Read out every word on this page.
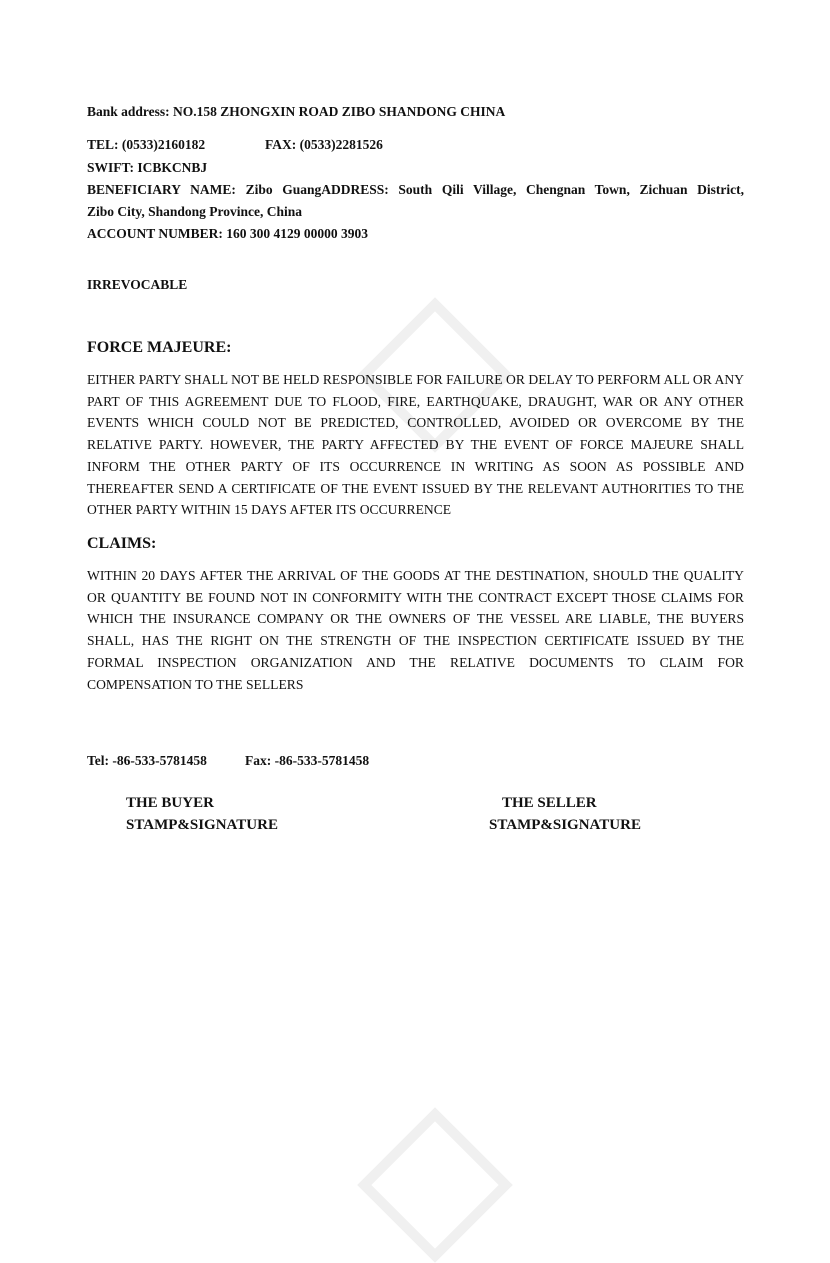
Bank address: NO.158 ZHONGXIN ROAD ZIBO SHANDONG CHINA
TEL: (0533)2160182	FAX: (0533)2281526
SWIFT: ICBKCNBJ
BENEFICIARY NAME: Zibo GuangADDRESS: South Qili Village, Chengnan Town, Zichuan District,
Zibo City, Shandong Province, China
ACCOUNT NUMBER: 160 300 4129 00000 3903
IRREVOCABLE
FORCE MAJEURE:
EITHER PARTY SHALL NOT BE HELD RESPONSIBLE FOR FAILURE OR DELAY TO PERFORM ALL OR ANY PART OF THIS AGREEMENT DUE TO FLOOD, FIRE, EARTHQUAKE, DRAUGHT, WAR OR ANY OTHER EVENTS WHICH COULD NOT BE PREDICTED, CONTROLLED, AVOIDED OR OVERCOME BY THE RELATIVE PARTY. HOWEVER, THE PARTY AFFECTED BY THE EVENT OF FORCE MAJEURE SHALL INFORM THE OTHER PARTY OF ITS OCCURRENCE IN WRITING AS SOON AS POSSIBLE AND THEREAFTER SEND A CERTIFICATE OF THE EVENT ISSUED BY THE RELEVANT AUTHORITIES TO THE OTHER PARTY WITHIN 15 DAYS AFTER ITS OCCURRENCE
CLAIMS:
WITHIN 20 DAYS AFTER THE ARRIVAL OF THE GOODS AT THE DESTINATION, SHOULD THE QUALITY OR QUANTITY BE FOUND NOT IN CONFORMITY WITH THE CONTRACT EXCEPT THOSE CLAIMS FOR WHICH THE INSURANCE COMPANY OR THE OWNERS OF THE VESSEL ARE LIABLE, THE BUYERS SHALL, HAS THE RIGHT ON THE STRENGTH OF THE INSPECTION CERTIFICATE ISSUED BY THE FORMAL INSPECTION ORGANIZATION AND THE RELATIVE DOCUMENTS TO CLAIM FOR COMPENSATION TO THE SELLERS
Tel: -86-533-5781458	Fax: -86-533-5781458
THE BUYER
STAMP&SIGNATURE
THE SELLER
STAMP&SIGNATURE
